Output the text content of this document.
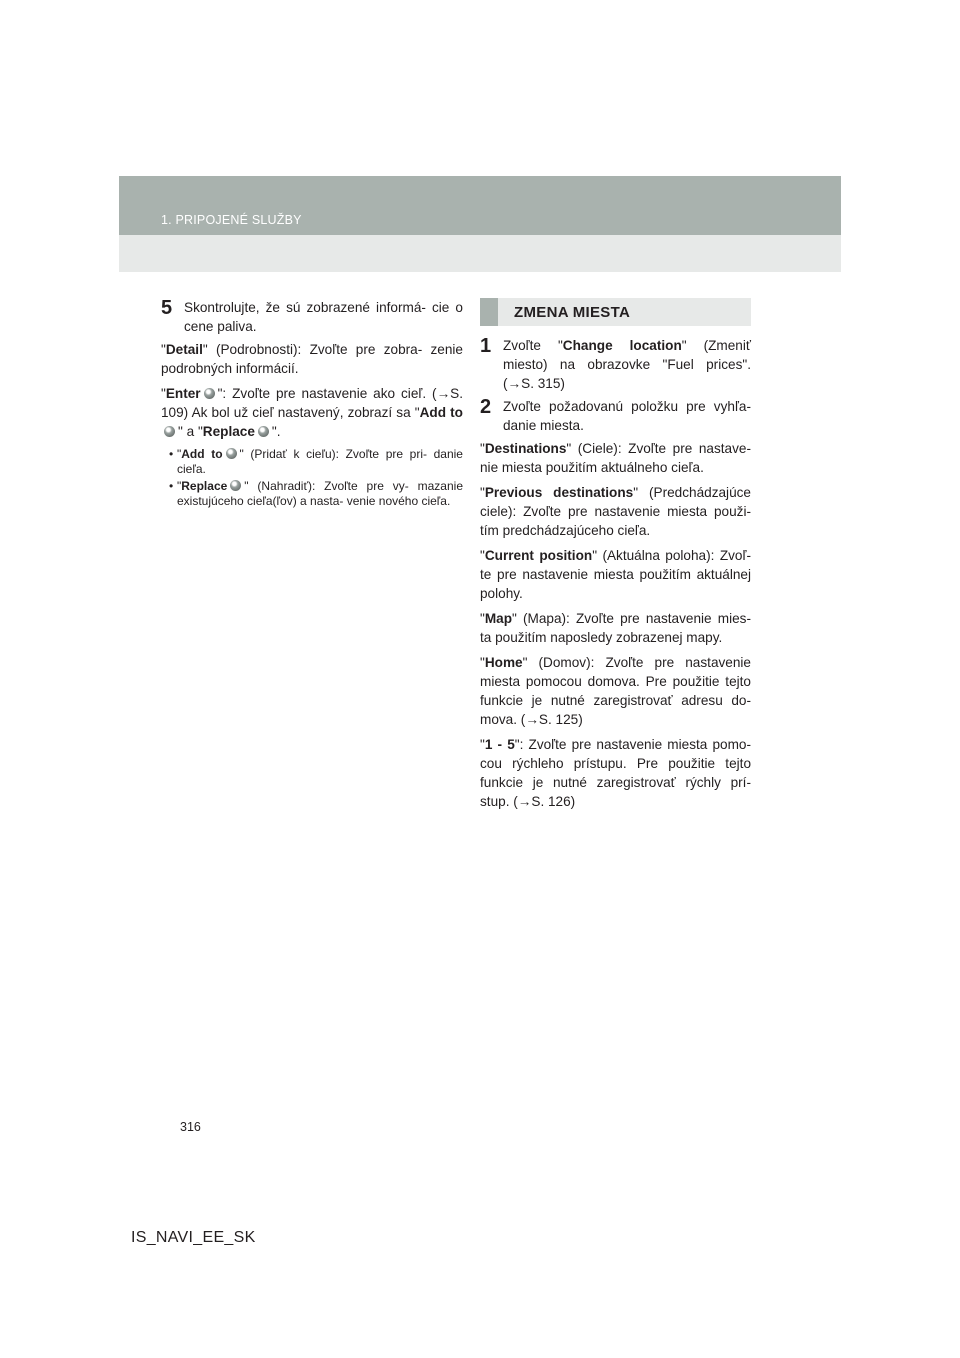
1. PRIPOJENÉ SLUŽBY
5 Skontrolujte, že sú zobrazené informá- cie o cene paliva.

"Detail" (Podrobnosti): Zvoľte pre zobra- zenie podrobných informácií.

"Enter ": Zvoľte pre nastavenie ako cieľ. (→S. 109) Ak bol už cieľ nastavený, zobrazí sa "Add to" a "Replace ".

• "Add to " (Pridať k cieľu): Zvoľte pre pri- danie cieľa.
• "Replace " (Nahradiť): Zvoľte pre vy- mazanie existujúceho cieľa(ľov) a nasta- venie nového cieľa.
ZMENA MIESTA
1 Zvoľte "Change location" (Zmeniť miesto) na obrazovke "Fuel prices". (→S. 315)
2 Zvoľte požadovanú položku pre vyhľa- danie miesta.

"Destinations" (Ciele): Zvoľte pre nastave- nie miesta použitím aktuálneho cieľa.

"Previous destinations" (Predchádzajúce ciele): Zvoľte pre nastavenie miesta použi- tím predchádzajúceho cieľa.

"Current position" (Aktuálna poloha): Zvoľ- te pre nastavenie miesta použitím aktuálnej polohy.

"Map" (Mapa): Zvoľte pre nastavenie mies- ta použitím naposledy zobrazenej mapy.

"Home" (Domov): Zvoľte pre nastavenie miesta pomocou domova. Pre použitie tejto funkcie je nutné zaregistrovať adresu do- mova. (→S. 125)

"1 - 5": Zvoľte pre nastavenie miesta pomo- cou rýchleho prístupu. Pre použitie tejto funkcie je nutné zaregistrovať rýchly prí- stup. (→S. 126)

316
IS_NAVI_EE_SK
